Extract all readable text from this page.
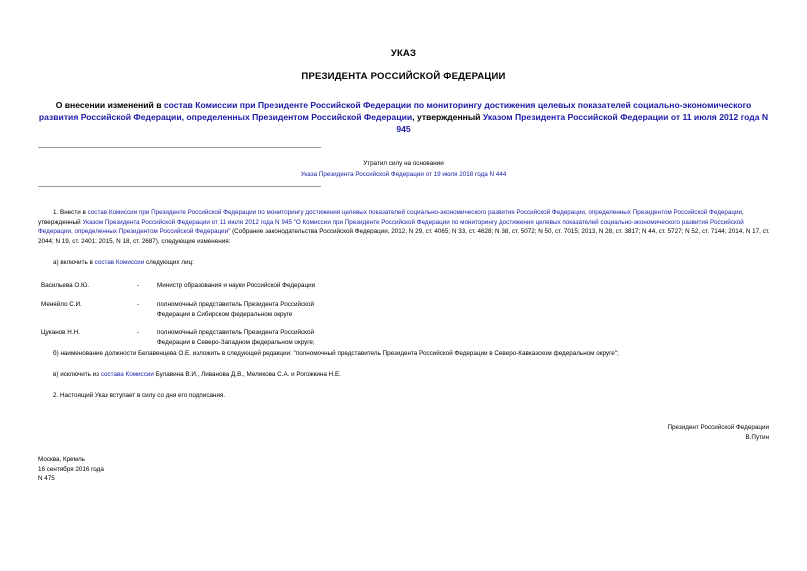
УКАЗ
ПРЕЗИДЕНТА РОССИЙСКОЙ ФЕДЕРАЦИИ
О внесении изменений в состав Комиссии при Президенте Российской Федерации по мониторингу достижения целевых показателей социально-экономического развития Российской Федерации, определенных Президентом Российской Федерации, утвержденный Указом Президента Российской Федерации от 11 июля 2012 года N 945
Утратил силу на основании
Указа Президента Российской Федерации от 19 июля 2018 года N 444
1. Внести в состав Комиссии при Президенте Российской Федерации по мониторингу достижения целевых показателей социально-экономического развития Российской Федерации, определенных Президентом Российской Федерации, утвержденный Указом Президента Российской Федерации от 11 июля 2012 года N 945 "О Комиссии при Президенте Российской Федерации по мониторингу достижения целевых показателей социально-экономического развития Российской Федерации, определенных Президентом Российской Федерации" (Собрание законодательства Российской Федерации, 2012, N 29, ст. 4065; N 33, ст. 4628; N 38, ст. 5072; N 50, ст. 7015; 2013, N 28, ст. 3817; N 44, ст. 5727; N 52, ст. 7144; 2014, N 17, ст. 2044; N 19, ст. 2401; 2015, N 18, ст. 2687), следующие изменения:
а) включить в состав Комиссии следующих лиц:
Васильева О.Ю.	-	Министр образования и науки Российской Федерации
Меняйло С.И.	-	полномочный представитель Президента Российской
Федерации в Сибирском федеральном округе
Цуканов Н.Н.	-	полномочный представитель Президента Российской
Федерации в Северо-Западном федеральном округе;
б) наименование должности Белавенцева О.Е. изложить в следующей редакции: "полномочный представитель Президента Российской Федерации в Северо-Кавказском федеральном округе";
в) исключить из состава Комиссии Булавина В.И., Ливанова Д.В., Меликова С.А. и Рогожкина Н.Е.
2. Настоящий Указ вступает в силу со дня его подписания.
Президент Российской Федерации
В.Путин
Москва, Кремль
16 сентября 2016 года
N 475
